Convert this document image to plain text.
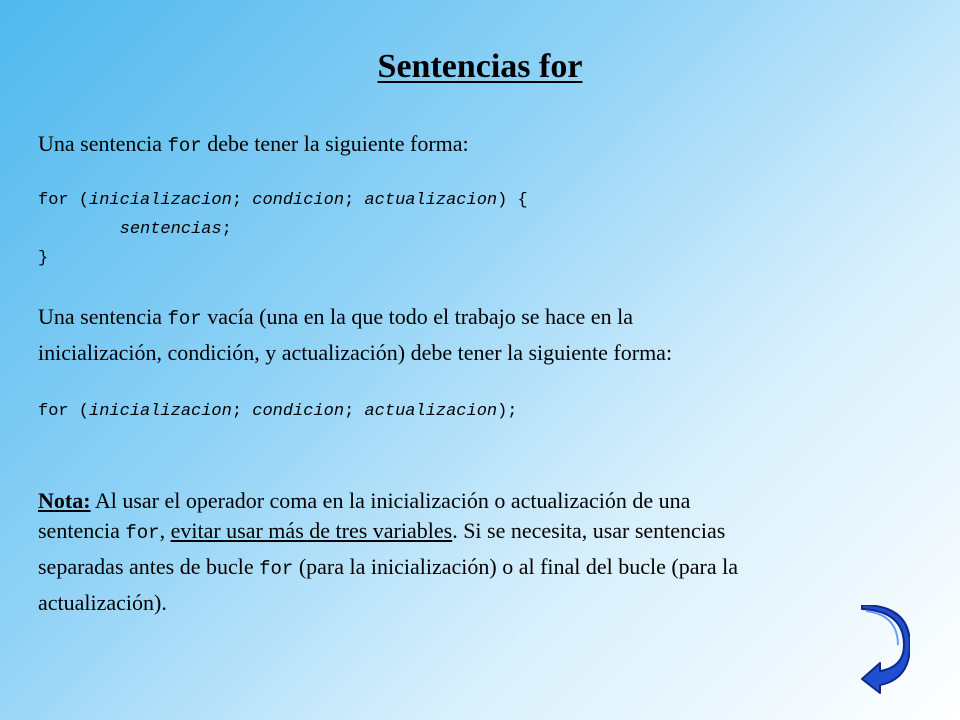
Sentencias for
Una sentencia for debe tener la siguiente forma:
for (inicializacion; condicion; actualizacion) {
sentencias;
}
Una sentencia for vacía (una en la que todo el trabajo se hace en la
inicialización, condición, y actualización) debe tener la siguiente forma:
for (inicializacion; condicion; actualizacion);
Nota: Al usar el operador coma en la inicialización o actualización de una
sentencia for, evitar usar más de tres variables. Si se necesita, usar sentencias
separadas antes de bucle for (para la inicialización) o al final del bucle (para la
actualización).
